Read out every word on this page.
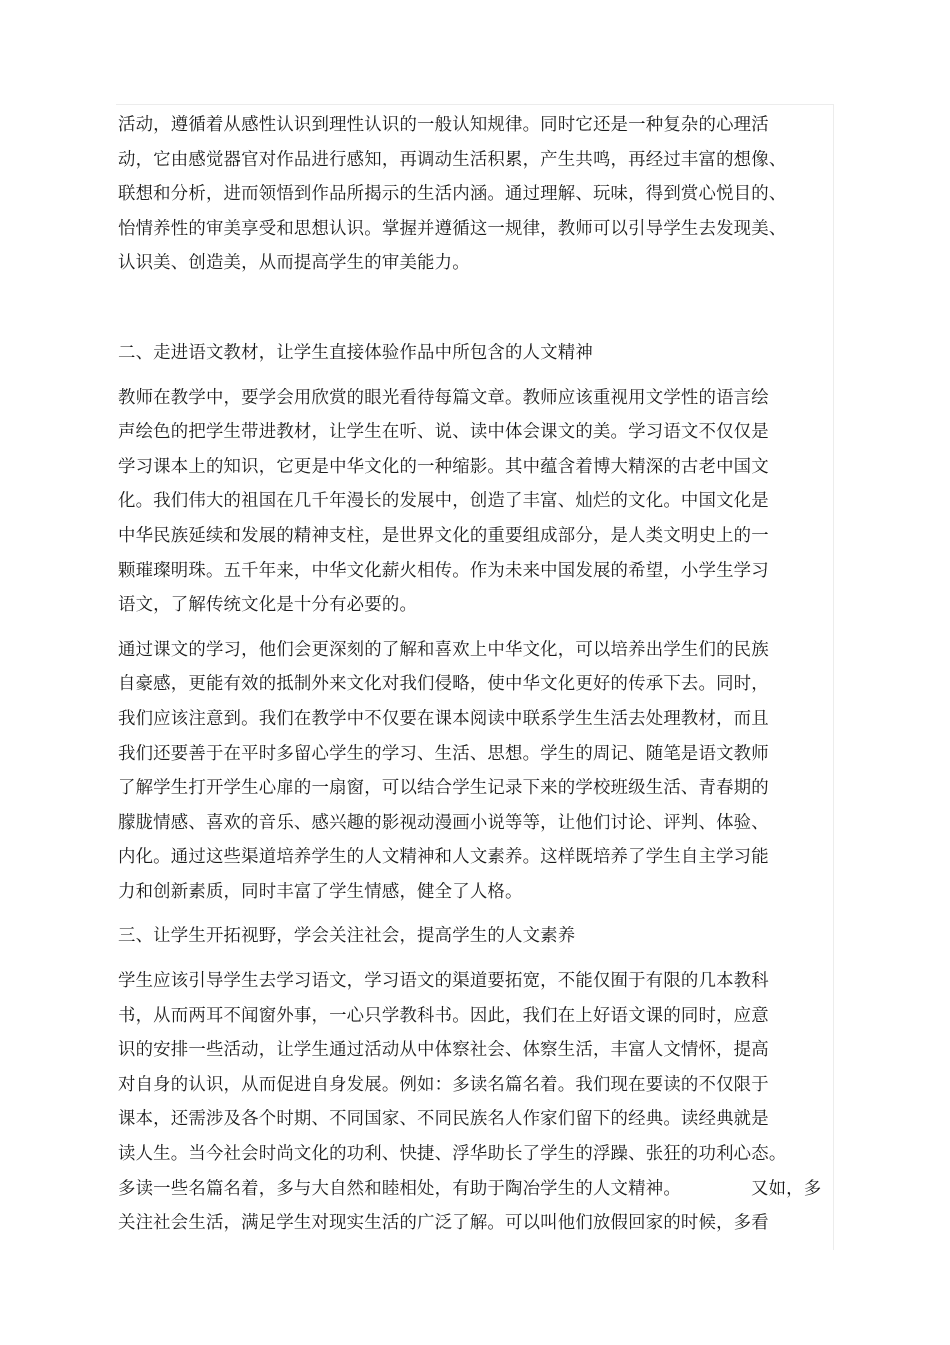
活动，遵循着从感性认识到理性认识的一般认知规律。同时它还是一种复杂的心理活
动，它由感觉器官对作品进行感知，再调动生活积累，产生共鸣，再经过丰富的想像、
联想和分析，进而领悟到作品所揭示的生活内涵。通过理解、玩味，得到赏心悦目的、
怡情养性的审美享受和思想认识。掌握并遵循这一规律，教师可以引导学生去发现美、
认识美、创造美，从而提高学生的审美能力。

二、走进语文教材，让学生直接体验作品中所包含的人文精神

教师在教学中，要学会用欣赏的眼光看待每篇文章。教师应该重视用文学性的语言绘
声绘色的把学生带进教材，让学生在听、说、读中体会课文的美。学习语文不仅仅是
学习课本上的知识，它更是中华文化的一种缩影。其中蕴含着博大精深的古老中国文
化。我们伟大的祖国在几千年漫长的发展中，创造了丰富、灿烂的文化。中国文化是
中华民族延续和发展的精神支柱，是世界文化的重要组成部分，是人类文明史上的一
颗璀璨明珠。五千年来，中华文化薪火相传。作为未来中国发展的希望，小学生学习
语文，了解传统文化是十分有必要的。

通过课文的学习，他们会更深刻的了解和喜欢上中华文化，可以培养出学生们的民族
自豪感，更能有效的抵制外来文化对我们侵略，使中华文化更好的传承下去。同时，
我们应该注意到。我们在教学中不仅要在课本阅读中联系学生生活去处理教材，而且
我们还要善于在平时多留心学生的学习、生活、思想。学生的周记、随笔是语文教师
了解学生打开学生心扉的一扇窗，可以结合学生记录下来的学校班级生活、青春期的
朦胧情感、喜欢的音乐、感兴趣的影视动漫画小说等等，让他们讨论、评判、体验、
内化。通过这些渠道培养学生的人文精神和人文素养。这样既培养了学生自主学习能
力和创新素质，同时丰富了学生情感，健全了人格。

三、让学生开拓视野，学会关注社会，提高学生的人文素养

学生应该引导学生去学习语文，学习语文的渠道要拓宽，不能仅囿于有限的几本教科
书，从而两耳不闻窗外事，一心只学教科书。因此，我们在上好语文课的同时，应意
识的安排一些活动，让学生通过活动从中体察社会、体察生活，丰富人文情怀，提高
对自身的认识，从而促进自身发展。例如：多读名篇名着。我们现在要读的不仅限于
课本，还需涉及各个时期、不同国家、不同民族名人作家们留下的经典。读经典就是
读人生。当今社会时尚文化的功利、快捷、浮华助长了学生的浮躁、张狂的功利心态。
多读一些名篇名着，多与大自然和睦相处，有助于陶冶学生的人文精神。	又如，多
关注社会生活，满足学生对现实生活的广泛了解。可以叫他们放假回家的时候，多看
